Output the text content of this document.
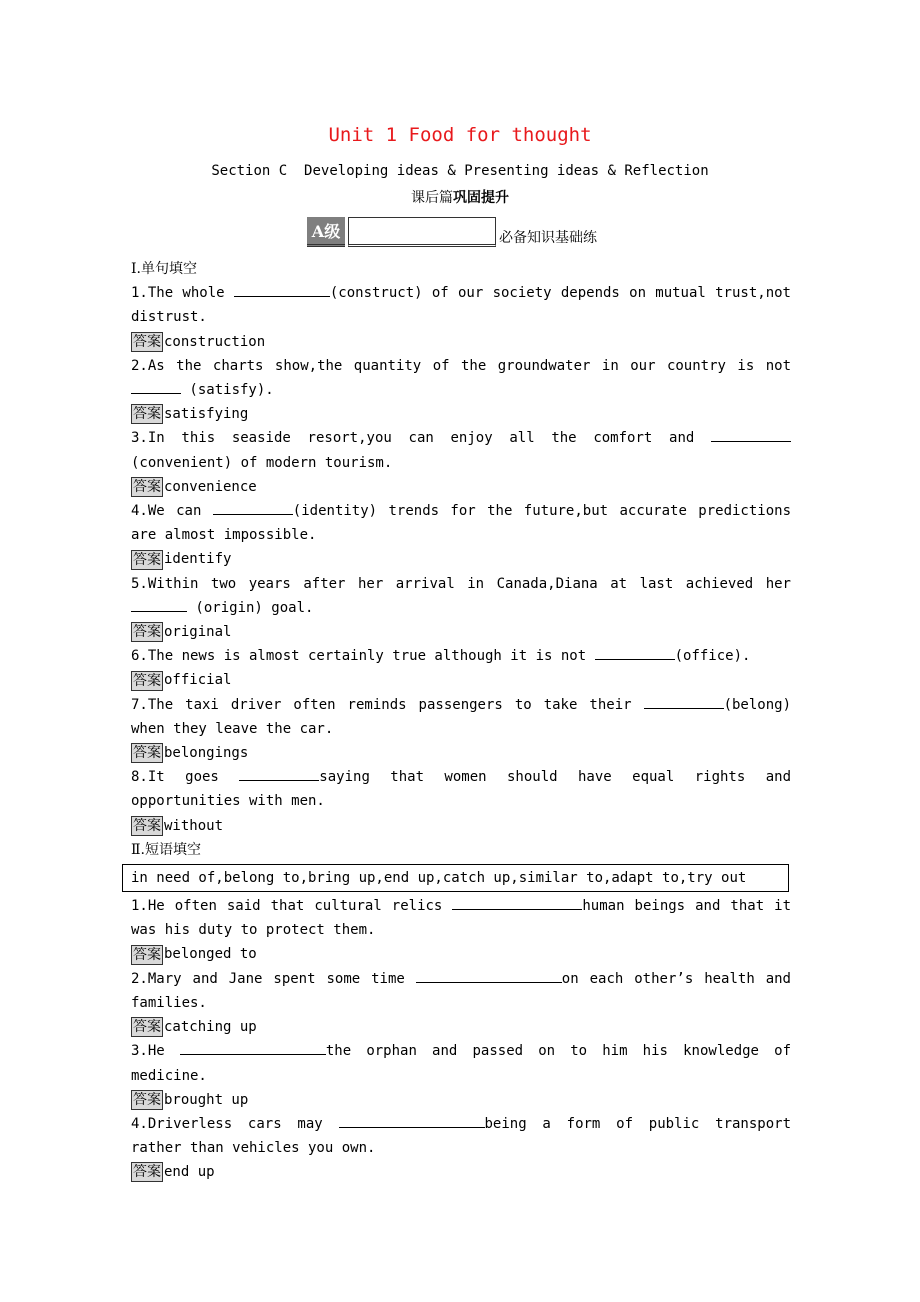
Unit 1 Food for thought
Section C  Developing ideas & Presenting ideas & Reflection
课后篇巩固提升
A级	必备知识基础练
Ⅰ.单句填空
1.The whole	(construct) of our society depends on mutual trust,not distrust.
答案 construction
2.As the charts show,the quantity of the groundwater in our country is not  (satisfy).
答案 satisfying
3.In this seaside resort,you can enjoy all the comfort and (convenient) of modern tourism.
答案 convenience
4.We can	(identity) trends for the future,but accurate predictions are almost impossible.
答案 identify
5.Within two years after her arrival in Canada,Diana at last achieved her  (origin) goal.
答案 original
6.The news is almost certainly true although it is not	(office).
答案 official
7.The taxi driver often reminds passengers to take their	(belong) when they leave the car.
答案 belongings
8.It goes	saying that women should have equal rights and opportunities with men.
答案 without
Ⅱ.短语填空
in need of,belong to,bring up,end up,catch up,similar to,adapt to,try out
1.He often said that cultural relics	human beings and that it was his duty to protect them.
答案 belonged to
2.Mary and Jane spent some time	on each other’s health and families.
答案 catching up
3.He	the orphan and passed on to him his knowledge of medicine.
答案 brought up
4.Driverless cars may	being a form of public transport rather than vehicles you own.
答案 end up
